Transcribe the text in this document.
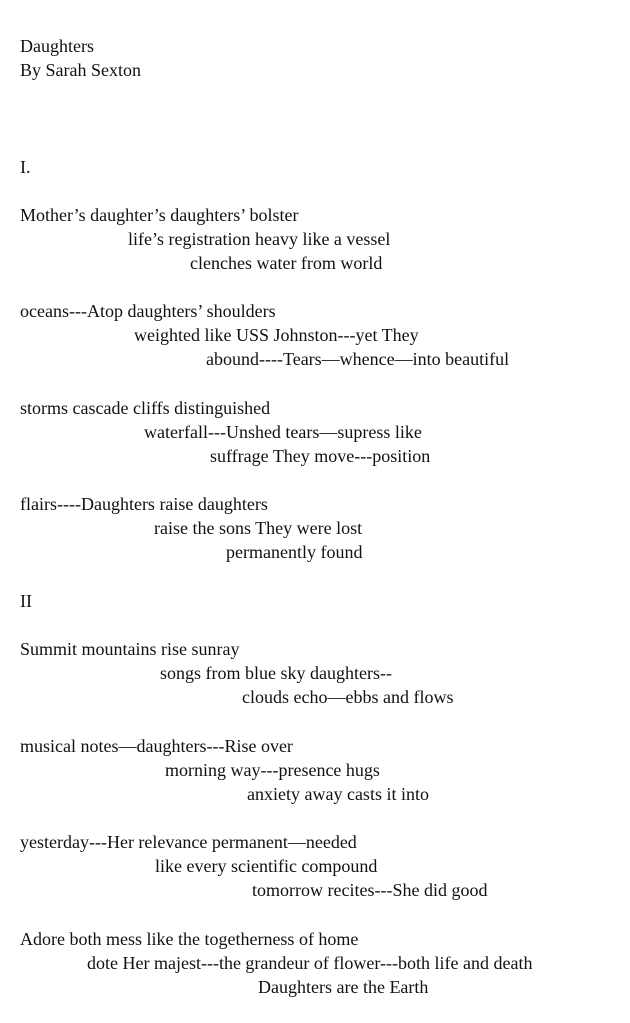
Daughters
By Sarah Sexton
I.
Mother’s daughter’s daughters’ bolster
life’s registration heavy like a vessel
clenches water from world
oceans---Atop daughters’ shoulders
weighted like USS Johnston---yet They
abound----Tears—whence—into beautiful
storms cascade cliffs distinguished
waterfall---Unshed tears—supress like
suffrage They move---position
flairs----Daughters raise daughters
raise the sons They were lost
permanently found
II
Summit mountains rise sunray
songs from blue sky daughters--
clouds echo—ebbs and flows
musical notes—daughters---Rise over
morning way---presence hugs
anxiety away casts it into
yesterday---Her relevance permanent—needed
like every scientific compound
tomorrow recites---She did good
Adore both mess like the togetherness of home
dote Her majest---the grandeur of flower---both life and death
Daughters are the Earth
